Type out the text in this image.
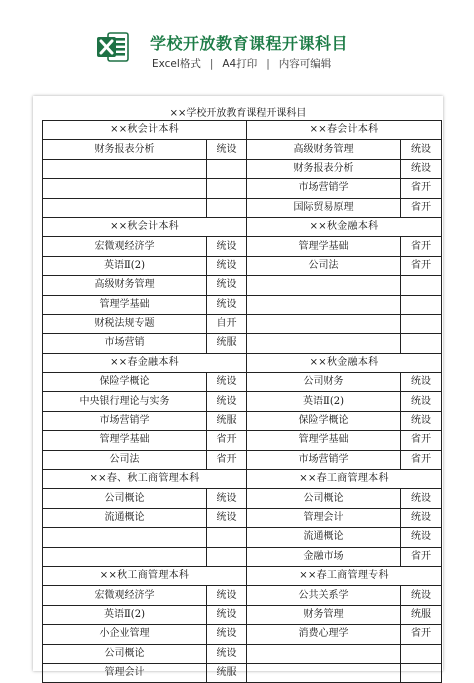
学校开放教育课程开课科目
Excel格式 | A4打印 | 内容可编辑
××学校开放教育课程开课科目
××秋会计本科		××春会计本科	
财务报表分析	统设	高级财务管理	统设
		财务报表分析	统设
		市场营销学	省开
		国际贸易原理	省开
××秋会计本科		××秋金融本科	
宏微观经济学	统设	管理学基础	省开
英语Ⅱ(2)	统设	公司法	省开
高级财务管理	统设		
管理学基础	统设		
财税法规专题	自开		
市场营销	统服		
××春金融本科		××秋金融本科	
保险学概论	统设	公司财务	统设
中央银行理论与实务	统设	英语Ⅱ(2)	统设
市场营销学	统服	保险学概论	统设
管理学基础	省开	管理学基础	省开
公司法	省开	市场营销学	省开
××春、秋工商管理本科		××春工商管理本科	
公司概论	统设	公司概论	统设
流通概论	统设	管理会计	统设
		流通概论	统设
		金融市场	省开
××秋工商管理本科		××春工商管理专科	
宏微观经济学	统设	公共关系学	统设
英语Ⅱ(2)	统设	财务管理	统服
小企业管理	统设	消费心理学	省开
公司概论	统设		
管理会计	统服		
